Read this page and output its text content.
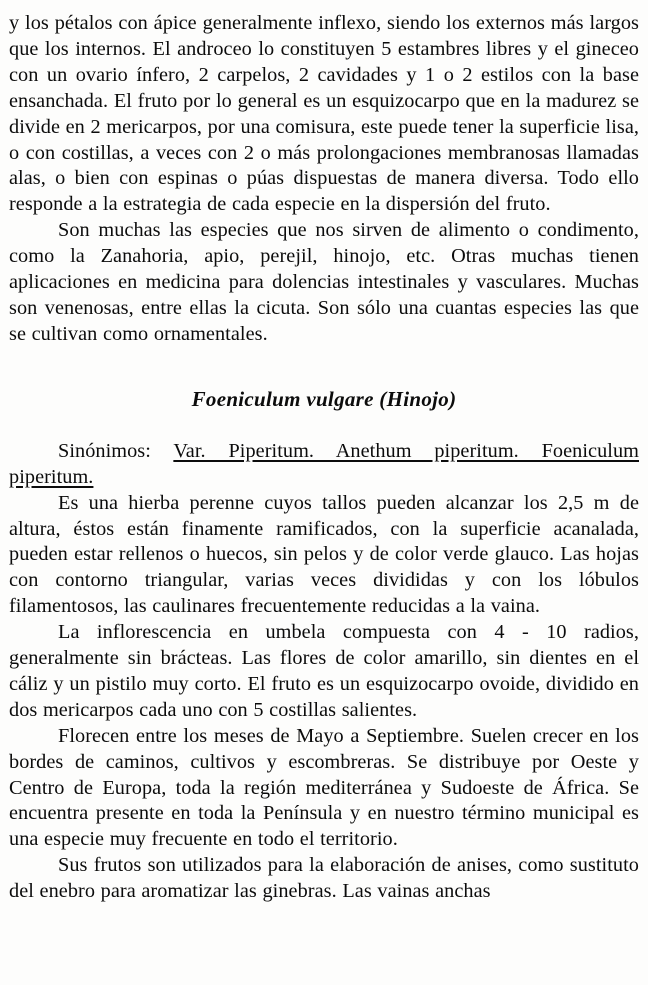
y los pétalos con ápice generalmente inflexo, siendo los externos más largos que los internos. El androceo lo constituyen 5 estambres libres y el gineceo con un ovario ínfero, 2 carpelos, 2 cavidades y 1 o 2 estilos con la base ensanchada. El fruto por lo general es un esquizocarpo que en la madurez se divide en 2 mericarpos, por una comisura, este puede tener la superficie lisa, o con costillas, a veces con 2 o más prolongaciones membranosas llamadas alas, o bien con espinas o púas dispuestas de manera diversa. Todo ello responde a la estrategia de cada especie en la dispersión del fruto.

Son muchas las especies que nos sirven de alimento o condimento, como la Zanahoria, apio, perejil, hinojo, etc. Otras muchas tienen aplicaciones en medicina para dolencias intestinales y vasculares. Muchas son venenosas, entre ellas la cicuta. Son sólo una cuantas especies las que se cultivan como ornamentales.

Foeniculum vulgare (Hinojo)

Sinónimos: Var. Piperitum. Anethum piperitum. Foeniculum piperitum.

Es una hierba perenne cuyos tallos pueden alcanzar los 2,5 m de altura, éstos están finamente ramificados, con la superficie acanalada, pueden estar rellenos o huecos, sin pelos y de color verde glauco. Las hojas con contorno triangular, varias veces divididas y con los lóbulos filamentosos, las caulinares frecuentemente reducidas a la vaina.

La inflorescencia en umbela compuesta con 4 - 10 radios, generalmente sin brácteas. Las flores de color amarillo, sin dientes en el cáliz y un pistilo muy corto. El fruto es un esquizocarpo ovoide, dividido en dos mericarpos cada uno con 5 costillas salientes.

Florecen entre los meses de Mayo a Septiembre. Suelen crecer en los bordes de caminos, cultivos y escombreras. Se distribuye por Oeste y Centro de Europa, toda la región mediterránea y Sudoeste de África. Se encuentra presente en toda la Península y en nuestro término municipal es una especie muy frecuente en todo el territorio.

Sus frutos son utilizados para la elaboración de anises, como sustituto del enebro para aromatizar las ginebras. Las vainas anchas
